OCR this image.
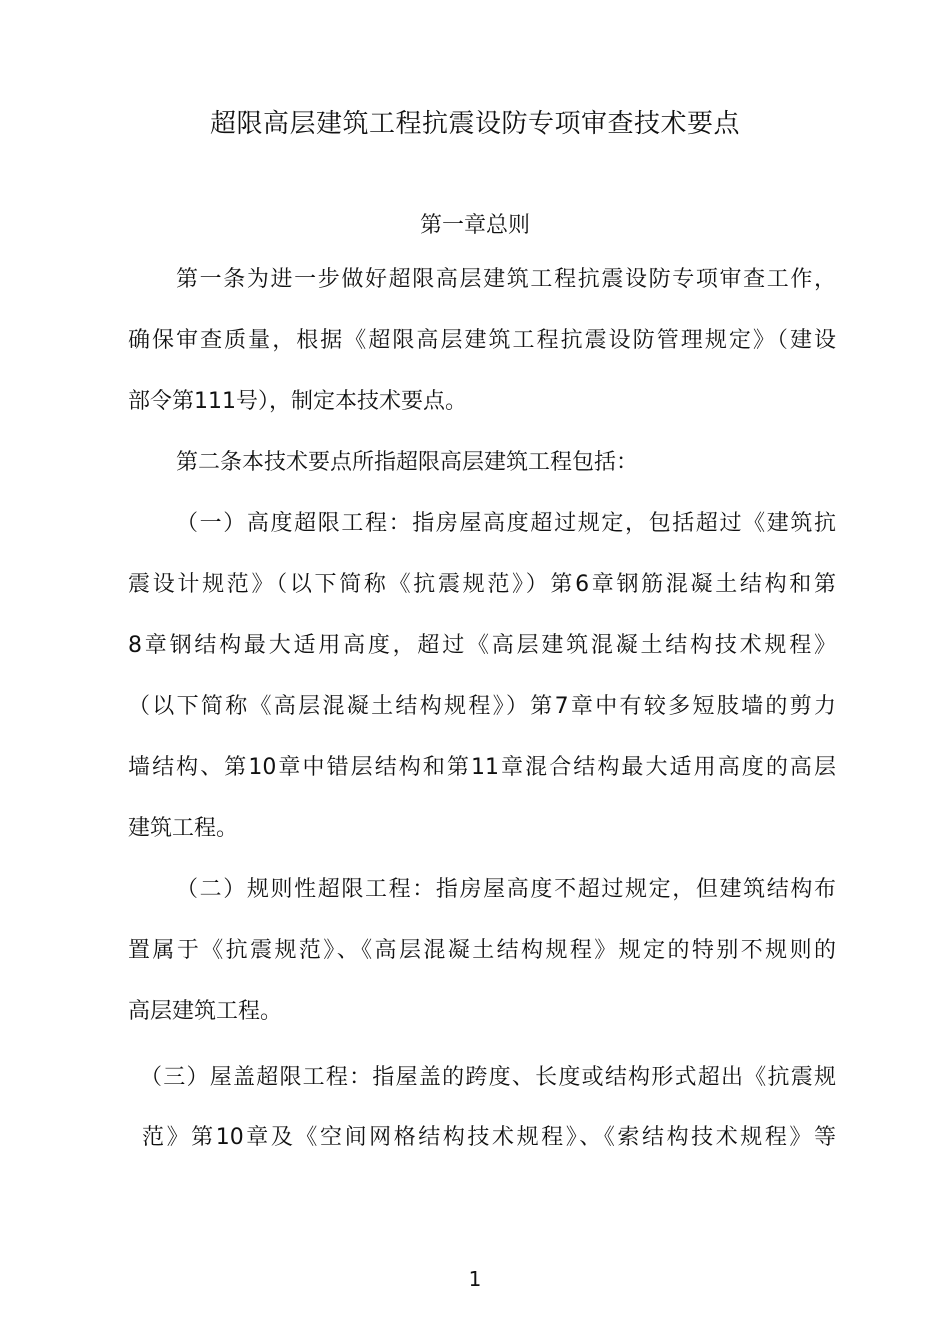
超限高层建筑工程抗震设防专项审查技术要点
第一章总则
第一条为进一步做好超限高层建筑工程抗震设防专项审查工作，
确保审查质量，根据《超限高层建筑工程抗震设防管理规定》（建设
部令第111号），制定本技术要点。
第二条本技术要点所指超限高层建筑工程包括：
（一）高度超限工程：指房屋高度超过规定，包括超过《建筑抗
震设计规范》（以下简称《抗震规范》）第6章钢筋混凝土结构和第
8章钢结构最大适用高度，超过《高层建筑混凝土结构技术规程》
（以下简称《高层混凝土结构规程》）第7章中有较多短肢墙的剪力
墙结构、第10章中错层结构和第11章混合结构最大适用高度的高层
建筑工程。
（二）规则性超限工程：指房屋高度不超过规定，但建筑结构布
置属于《抗震规范》、《高层混凝土结构规程》规定的特别不规则的
高层建筑工程。
（三）屋盖超限工程：指屋盖的跨度、长度或结构形式超出《抗震规
范》第10章及《空间网格结构技术规程》、《索结构技术规程》等
1
